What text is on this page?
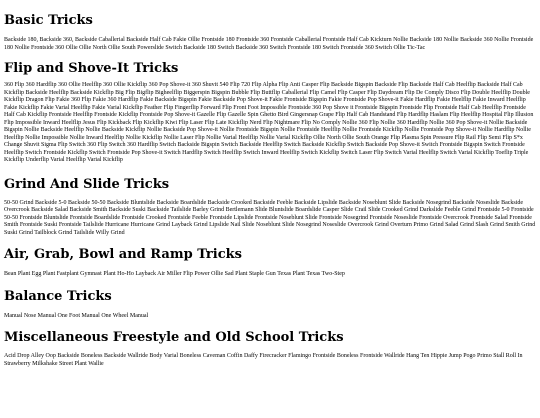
Basic Tricks

Backside 180, Backside 360, Backside Caballerial Backside Half Cab Fakie Ollie Frontside 180 Frontside 360 Frontside Caballerial Frontside Half Cab Kickturn Nollie Backside 180 Nollie Backside 360 Nollie Frontside 180 Nollie Frontside 360 Ollie Ollie North Ollie South Powerslide Switch Backside 180 Switch Backside 360 Switch Frontside 180 Switch Frontside 360 Switch Ollie Tic-Tac

Flip and Shove-It Tricks

360 Flip 360 Hardflip 360 Ollie Heelflip 360 Ollie Kickflip 360 Pop Shove-it 360 Shuvit 540 Flip 720 Flip Alpha Flip Anti Casper Flip Backside Bigspin Backside Flip Backside Half Cab Heelflip Backside Half Cab Kickflip Backside Heelflip Backside Kickflip Big Flip Bigflip Bigheelflip Biggerspin Bigspin Bubble Flip Buttflip Caballerial Flip Camel Flip Casper Flip Daydream Flip De Comply Disco Flip Double Heelflip Double Kickflip Dragon Flip Fakie 360 Flip Fakie 360 Hardflip Fakie Backside Bigspin Fakie Backside Pop Shove-it Fakie Frontside Bigspin Fakie Frontside Pop Shove-it Fakie Hardflip Fakie Heelflip Fakie Inward Heelflip Fakie Kickflip Fakie Varial Heelflip Fakie Varial Kickflip Feather Flip Fingerflip Forward Flip Front Foot Impossible Frontside 360 Pop Shove it Frontside Bigspin Frontside Flip Frontside Half Cab Heelflip Frontside Half Cab Kickflip Frontside Heelflip Frontside Kickflip Frontside Pop Shove-it Gazelle Flip Gazelle Spin Ghetto Bird Gingersnap Grape Flip Half Cab Handstand Flip Hardflip Haslam Flip Heelflip Hospital Flip Illusion Flip Impossible Inward Heelflip Jesus Flip Kickback Flip Kickflip Kiwi Flip Laser Flip Late Kickflip Nerd Flip Nightmare Flip No Comply Nollie 360 Flip Nollie 360 Hardflip Nollie 360 Pop Shove-it Nollie Backside Bigspin Nollie Backside Heelflip Nollie Backside Kickflip Nollie Backside Pop Shove-it Nollie Frontside Bigspin Nollie Frontside Heelflip Nollie Frontside Kickflip Nollie Frontside Pop Shove-it Nollie Hardflip Nollie Heelflip Nollie Impossible Nollie Inward Heelflip Nollie Kickflip Nollie Laser Flip Nollie Varial Heelflip Nollie Varial Kickflip Ollie North Ollie South Orange Flip Plasma Spin Pressure Flip Rail Flip Semi Flip S*x Change Shuvit Sigma Flip Switch 360 Flip Switch 360 Hardflip Switch Backside Bigspin Switch Backside Heelflip Switch Backside Kickflip Switch Backside Pop Shove-it Switch Frontside Bigspin Switch Frontside Heelflip Switch Frontside Kickflip Switch Frontside Pop Shove-it Switch Hardflip Switch Heelflip Switch Inward Heelflip Switch Kickflip Switch Laser Flip Switch Varial Heelflip Switch Varial Kickflip Toeflip Triple Kickflip Underflip Varial Heelflip Varial Kickflip

Grind And Slide Tricks

50-50 Grind Backside 5-0 Backside 50-50 Backside Bluntslide Backside Boardslide Backside Crooked Backside Feeble Backside Lipslide Backside Noseblunt Slide Backside Nosegrind Backside Noseslide Backside Overcrook Backside Salad Backside Smith Backside Suski Backside Tailslide Barley Grind Bertlemann Slide Bluntslide Boardslide Casper Slide Crail Slide Crooked Grind Darkslide Feeble Grind Frontside 5-0 Frontside 50-50 Frontside Bluntslide Frontside Boardslide Frontside Crooked Frontside Feeble Frontside Lipslide Frontside Noseblunt Slide Frontside Nosegrind Frontside Noseslide Frontside Overcrook Frontside Salad Frontside Smith Frontside Suski Frontside Tailslide Hurricane Hurricane Grind Layback Grind Lipslide Nail Slide Noseblunt Slide Nosegrind Noseslide Overcrook Grind Overturn Primo Grind Salad Grind Slash Grind Smith Grind Suski Grind Tailblock Grind Tailslide Willy Grind

Air, Grab, Bowl and Ramp Tricks

Bean Plant Egg Plant Fastplant Gymnast Plant Ho-Ho Layback Air Miller Flip Power Ollie Sad Plant Staple Gun Texas Plant Texas Two-Step

Balance Tricks

Manual Nose Manual One Foot Manual One Wheel Manual

Miscellaneous Freestyle and Old School Tricks

Acid Drop Alley Oop Backside Boneless Backside Wallride Body Varial Boneless Caveman Coffin Daffy Firecracker Flamingo Frontside Boneless Frontside Wallride Hang Ten Hippie Jump Pogo Primo Stall Roll In Strawberry Milkshake Street Plant Wallie
